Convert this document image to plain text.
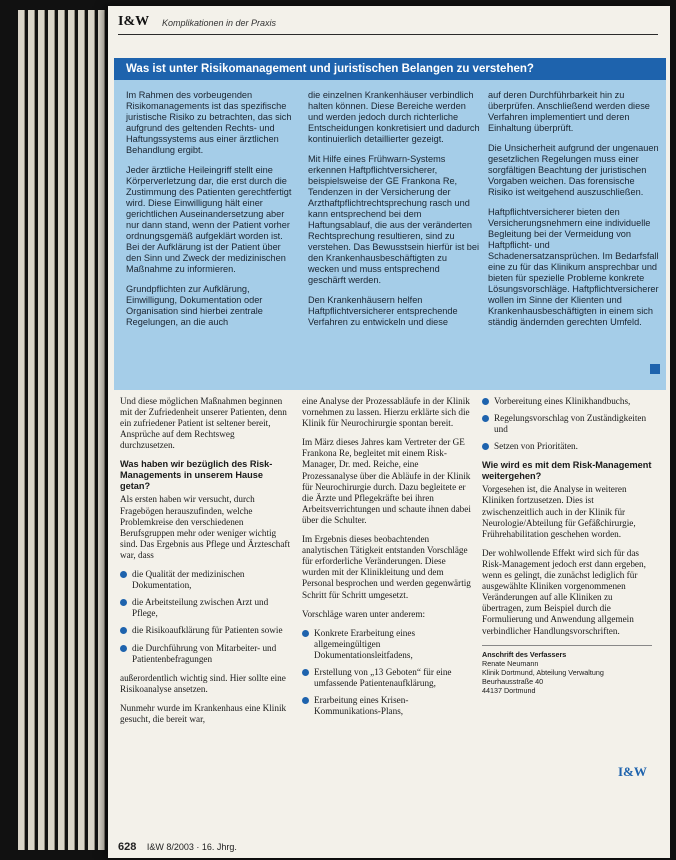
I&W Komplikationen in der Praxis
Was ist unter Risikomanagement und juristischen Belangen zu verstehen?

Im Rahmen des vorbeugenden Risikomanagements ist das spezifische juristische Risiko zu betrachten, das sich aufgrund des geltenden Rechts- und Haftungssystems aus einer ärztlichen Behandlung ergibt.

Jeder ärztliche Heileingriff stellt eine Körperverletzung dar, die erst durch die Zustimmung des Patienten gerechtfertigt wird. Diese Einwilligung hält einer gerichtlichen Auseinandersetzung aber nur dann stand, wenn der Patient vorher ordnungsgemäß aufgeklärt worden ist. Bei der Aufklärung ist der Patient über den Sinn und Zweck der medizinischen Maßnahme zu informieren.

Grundpflichten zur Aufklärung, Einwilligung, Dokumentation oder Organisation sind hierbei zentrale Regelungen, an die auch

die einzelnen Krankenhäuser verbindlich halten können. Diese Bereiche werden und werden jedoch durch richterliche Entscheidungen konkretisiert und dadurch kontinuierlich detaillierter gezeigt.

Mit Hilfe eines Frühwarn-Systems erkennen Haftpflichtversicherer, beispielsweise der GE Frankona Re, Tendenzen in der Versicherung der Arzthaftpflichtrechtsprechung rasch und kann entsprechend bei dem Haftungsablauf, die aus der veränderten Rechtsprechung resultieren, sind zu verstehen. Das Bewusstsein hierfür ist bei den Krankenhausbeschäftigten zu wecken und muss entsprechend geschärft werden.

Den Krankenhäusern helfen Haftpflichtversicherer entsprechende Verfahren zu entwickeln und diese

auf deren Durchführbarkeit hin zu überprüfen. Anschließend werden diese Verfahren implementiert und deren Einhaltung überprüft.

Die Unsicherheit aufgrund der ungenauen gesetzlichen Regelungen muss einer sorgfältigen Beachtung der juristischen Vorgaben weichen. Das forensische Risiko ist weitgehend auszuschließen.

Haftpflichtversicherer bieten den Versicherungsnehmern eine individuelle Begleitung bei der Vermeidung von Haftpflicht- und Schadenersatzansprüchen. Im Bedarfsfall eine zu für das Klinikum ansprechbar und bieten für spezielle Probleme konkrete Lösungsvorschläge. Haftpflichtversicherer wollen im Sinne der Klienten und Krankenhausbeschäftigten in einem sich ständig ändernden gerechten Umfeld.

Und diese möglichen Maßnahmen beginnen mit der Zufriedenheit unserer Patienten, denn ein zufriedener Patient ist seltener bereit, Ansprüche auf dem Rechtsweg durchzusetzen.

Was haben wir bezüglich des Risk-Managements in unserem Hause getan?

Als ersten haben wir versucht, durch Fragebögen herauszufinden, welche Problemkreise den verschiedenen Berufsgruppen mehr oder weniger wichtig sind. Das Ergebnis aus Pflege und Ärzteschaft war, dass

die Qualität der medizinischen Dokumentation,
die Arbeitsteilung zwischen Arzt und Pflege,
die Risikoaufklärung für Patienten sowie
die Durchführung von Mitarbeiter- und Patientenbefragungen

außerordentlich wichtig sind. Hier sollte eine Risikoanalyse ansetzen.

Nunmehr wurde im Krankenhaus eine Klinik gesucht, die bereit war,

eine Analyse der Prozessabläufe in der Klinik vornehmen zu lassen. Hierzu erklärte sich die Klinik für Neurochirurgie spontan bereit.

Im März dieses Jahres kam Vertreter der GE Frankona Re, begleitet mit einem Risk-Manager, Dr. med. Reiche, eine Prozessanalyse über die Abläufe in der Klinik für Neurochirurgie durch. Dazu begleitete er die Ärzte und Pflegekräfte bei ihren Arbeitsverrichtungen und schaute ihnen dabei über die Schulter.

Im Ergebnis dieses beobachtenden analytischen Tätigkeit entstanden Vorschläge für erforderliche Veränderungen. Diese wurden mit der Klinikleitung und dem Personal besprochen und werden gegenwärtig Schritt für Schritt umgesetzt.

Vorschläge waren unter anderem:

Konkrete Erarbeitung eines allgemeingültigen Dokumentationsleitfadens,
Erstellung von „13 Geboten“ für eine umfassende Patientenaufklärung,
Erarbeitung eines Krisen-Kommunikations-Plans,
Vorbereitung eines Klinikhandbuchs,
Regelungsvorschlag von Zuständigkeiten und
Setzen von Prioritäten.
Wie wird es mit dem Risk-Management weitergehen?

Vorgesehen ist, die Analyse in weiteren Kliniken fortzusetzen. Dies ist zwischenzeitlich auch in der Klinik für Neurologie/Abteilung für Gefäßchirurgie, Frührehabilitation geschehen worden.

Der wohlwollende Effekt wird sich für das Risk-Management jedoch erst dann ergeben, wenn es gelingt, die zunächst lediglich für ausgewählte Kliniken vorgenommenen Veränderungen auf alle Kliniken zu übertragen, zum Beispiel durch die Formulierung und Anwendung allgemein verbindlicher Handlungsvorschriften.

Anschrift des Verfassers
Renate Neumann
Klinik Dortmund, Abteilung Verwaltung
Beurhausstraße 40
44137 Dortmund
I&W
628 I&W 8/2003 · 16. Jhrg.
